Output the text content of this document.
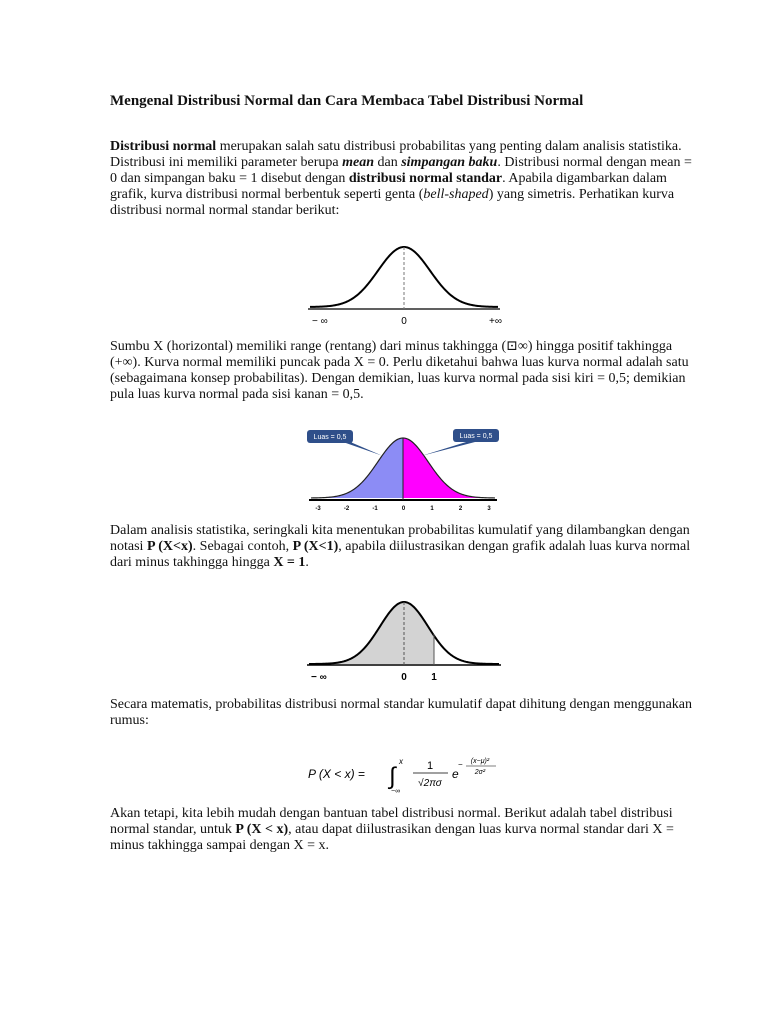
Mengenal Distribusi Normal dan Cara Membaca Tabel Distribusi Normal

Distribusi normal merupakan salah satu distribusi probabilitas yang penting dalam analisis statistika. Distribusi ini memiliki parameter berupa mean dan simpangan baku. Distribusi normal dengan mean = 0 dan simpangan baku = 1 disebut dengan distribusi normal standar. Apabila digambarkan dalam grafik, kurva distribusi normal berbentuk seperti genta (bell-shaped) yang simetris. Perhatikan kurva distribusi normal normal standar berikut:

− ∞	0	+∞

Sumbu X (horizontal) memiliki range (rentang) dari minus takhingga (⊡∞) hingga positif takhingga (+∞). Kurva normal memiliki puncak pada X = 0. Perlu diketahui bahwa luas kurva normal adalah satu (sebagaimana konsep probabilitas). Dengan demikian, luas kurva normal pada sisi kiri = 0,5; demikian pula luas kurva normal pada sisi kanan = 0,5.

Luas = 0,5	Luas = 0,5
-3	-2	-1	0	1	2	3

Dalam analisis statistika, seringkali kita menentukan probabilitas kumulatif yang dilambangkan dengan notasi P (X<x). Sebagai contoh, P (X<1), apabila diilustrasikan dengan grafik adalah luas kurva normal dari minus takhingga hingga X = 1.

− ∞	0 1

Secara matematis, probabilitas distribusi normal standar kumulatif dapat dihitung dengan menggunakan rumus:

P (X < x) = ∫
x
−∞
1
√2πσ
e
− (x−μ)²
2σ²

Akan tetapi, kita lebih mudah dengan bantuan tabel distribusi normal. Berikut adalah tabel distribusi normal standar, untuk P (X < x), atau dapat diilustrasikan dengan luas kurva normal standar dari X = minus takhingga sampai dengan X = x.
